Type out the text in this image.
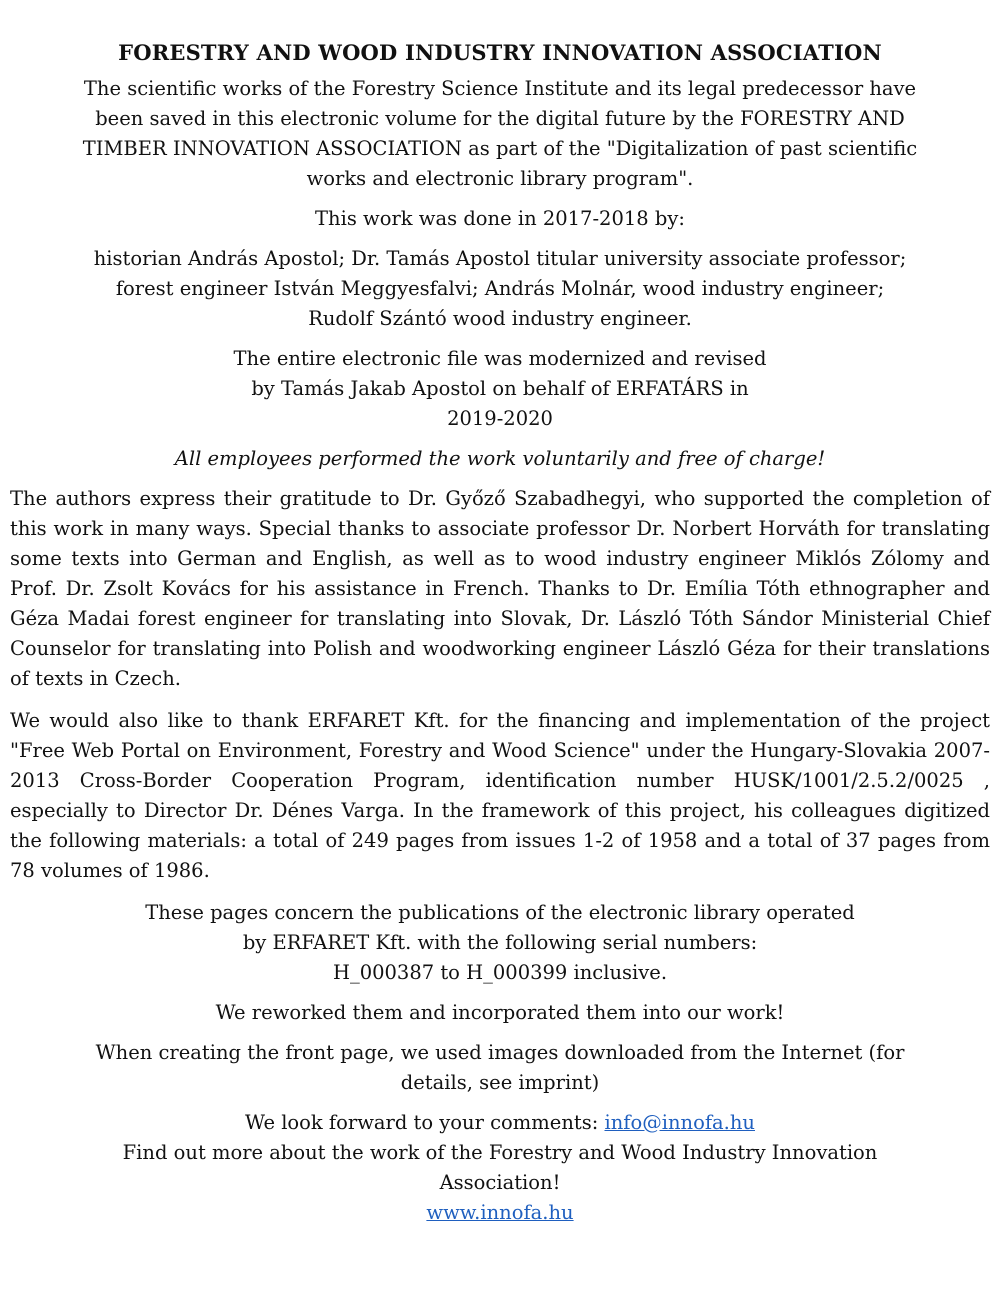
FORESTRY AND WOOD INDUSTRY INNOVATION ASSOCIATION

The scientific works of the Forestry Science Institute and its legal predecessor have
been saved in this electronic volume for the digital future by the FORESTRY AND
TIMBER INNOVATION ASSOCIATION as part of the "Digitalization of past scientific
works and electronic library program".

This work was done in 2017-2018 by:

historian András Apostol; Dr. Tamás Apostol titular university associate professor;
forest engineer István Meggyesfalvi; András Molnár, wood industry engineer;
Rudolf Szántó wood industry engineer.

The entire electronic file was modernized and revised
by Tamás Jakab Apostol on behalf of ERFATÁRS in
2019-2020

All employees performed the work voluntarily and free of charge!

The authors express their gratitude to Dr. Győző Szabadhegyi, who supported the completion of this work in many ways. Special thanks to associate professor Dr. Norbert Horváth for translating some texts into German and English, as well as to wood industry engineer Miklós Zólomy and Prof. Dr. Zsolt Kovács for his assistance in French. Thanks to Dr. Emília Tóth ethnographer and Géza Madai forest engineer for translating into Slovak, Dr. László Tóth Sándor Ministerial Chief Counselor for translating into Polish and woodworking engineer László Géza for their translations of texts in Czech.

We would also like to thank ERFARET Kft. for the financing and implementation of the project "Free Web Portal on Environment, Forestry and Wood Science" under the Hungary-Slovakia 2007-2013 Cross-Border Cooperation Program, identification number HUSK/1001/2.5.2/0025 , especially to Director Dr. Dénes Varga. In the framework of this project, his colleagues digitized the following materials: a total of 249 pages from issues 1-2 of 1958 and a total of 37 pages from 78 volumes of 1986.

These pages concern the publications of the electronic library operated
by ERFARET Kft. with the following serial numbers:
H_000387 to H_000399 inclusive.

We reworked them and incorporated them into our work!

When creating the front page, we used images downloaded from the Internet (for
details, see imprint)

We look forward to your comments: info@innofa.hu
Find out more about the work of the Forestry and Wood Industry Innovation
Association!
www.innofa.hu
